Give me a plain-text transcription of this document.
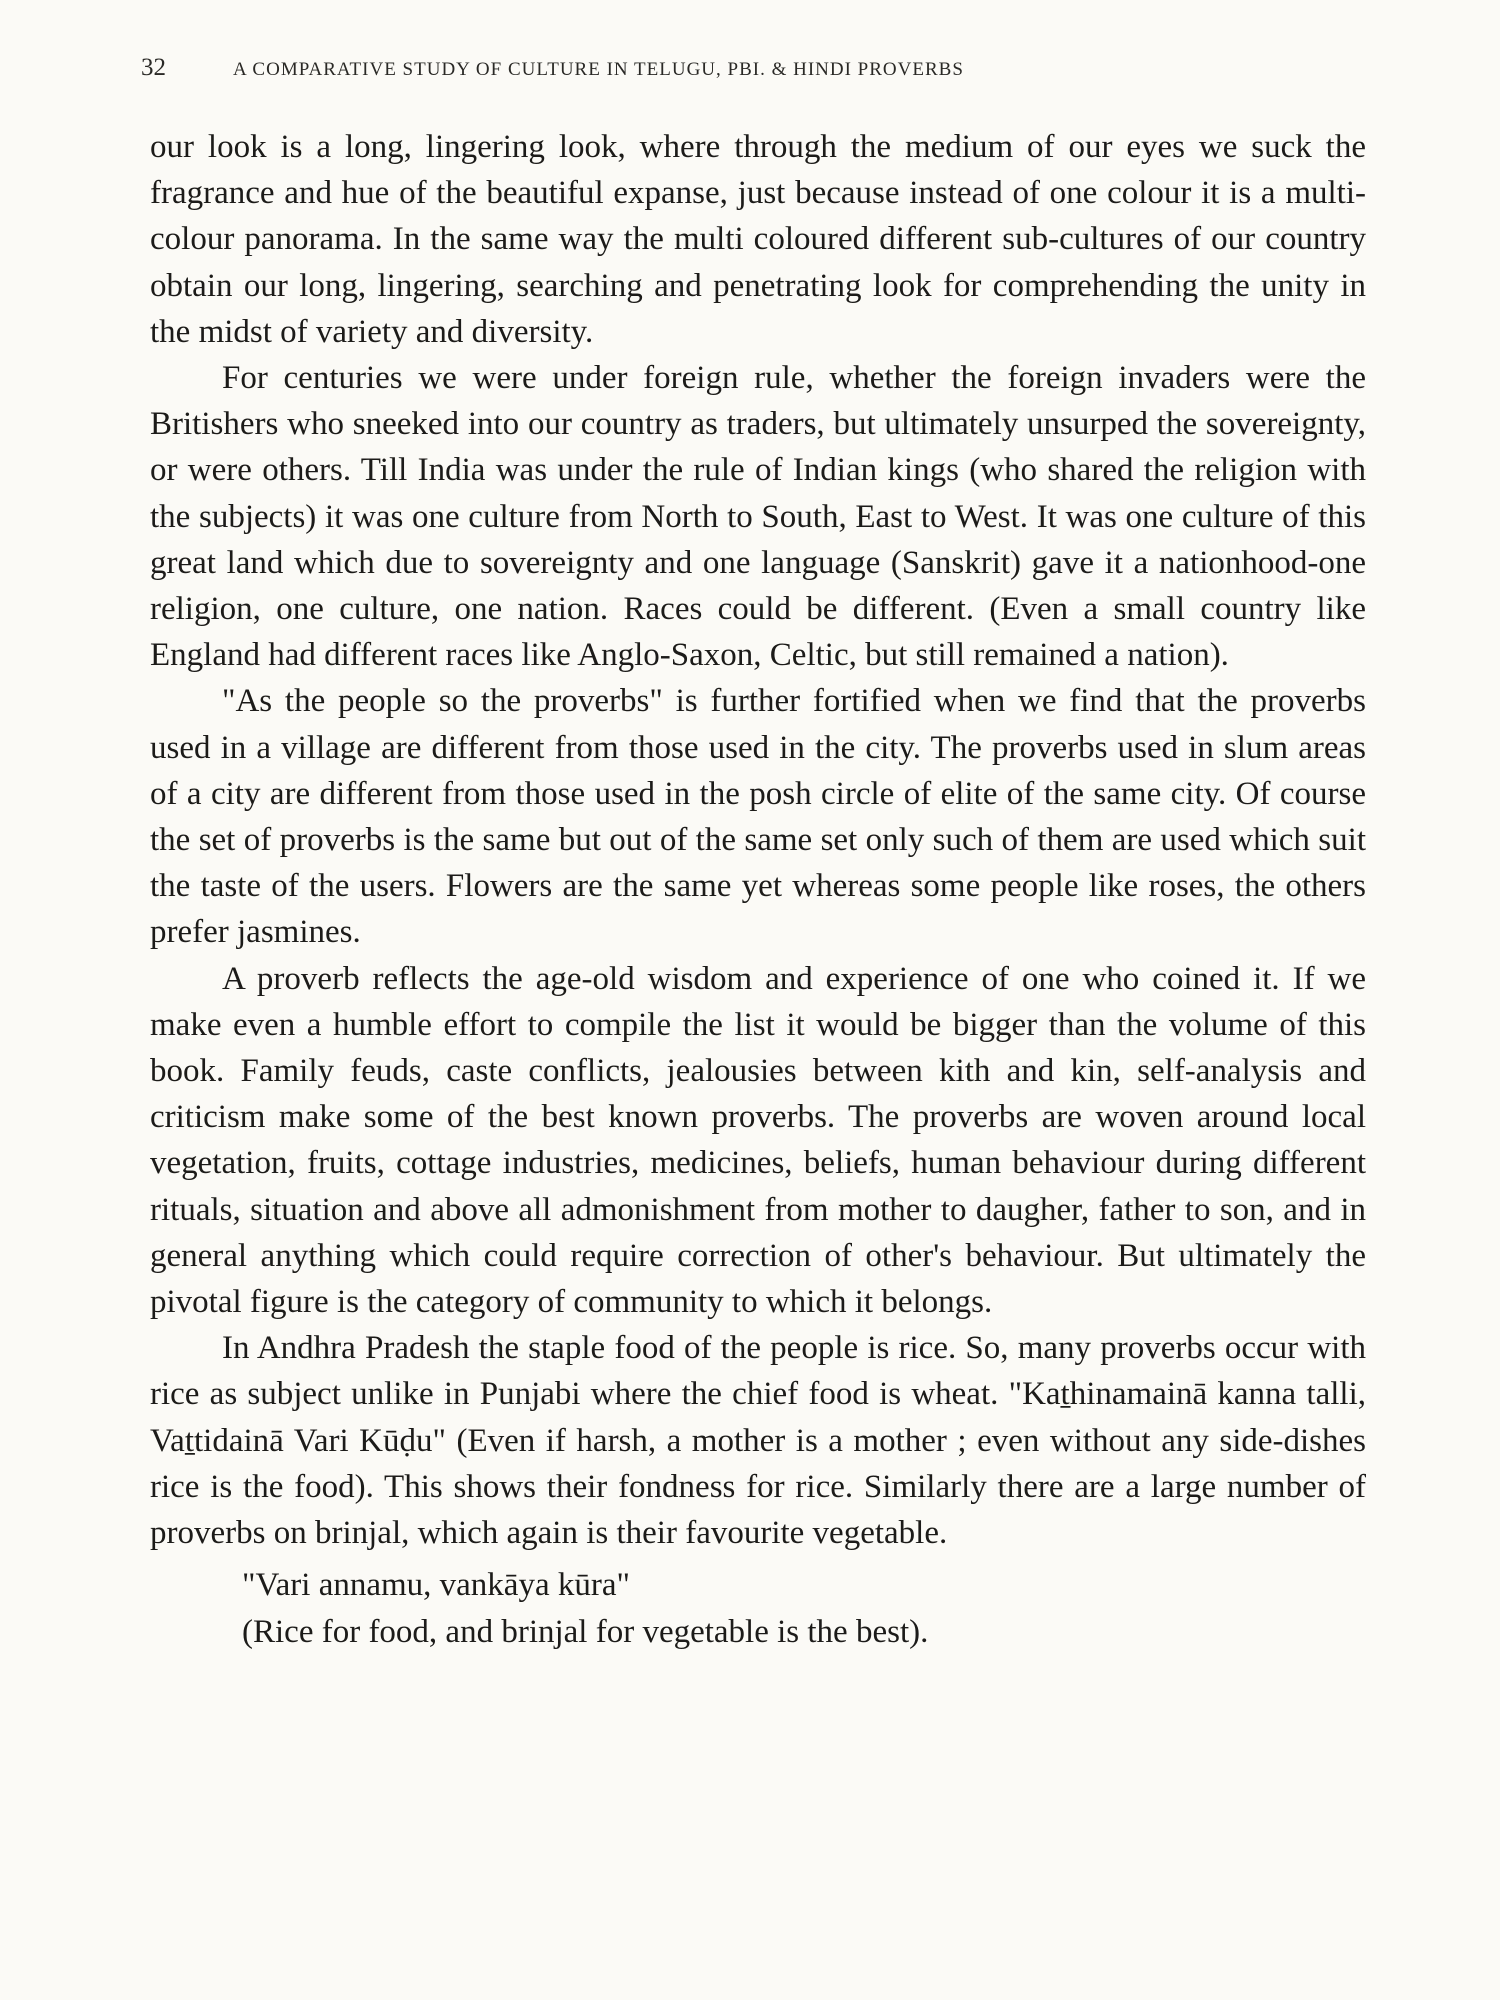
32	A COMPARATIVE STUDY OF CULTURE IN TELUGU, PBI. & HINDI PROVERBS

our look is a long, lingering look, where through the medium of our eyes we suck the fragrance and hue of the beautiful expanse, just because instead of one colour it is a multi-colour panorama. In the same way the multi coloured different sub-cultures of our country obtain our long, lingering, searching and penetrating look for comprehending the unity in the midst of variety and diversity.

For centuries we were under foreign rule, whether the foreign invaders were the Britishers who sneeked into our country as traders, but ultimately unsurped the sovereignty, or were others. Till India was under the rule of Indian kings (who shared the religion with the subjects) it was one culture from North to South, East to West. It was one culture of this great land which due to sovereignty and one language (Sanskrit) gave it a nationhood-one religion, one culture, one nation. Races could be different. (Even a small country like England had different races like Anglo-Saxon, Celtic, but still remained a nation).

"As the people so the proverbs" is further fortified when we find that the proverbs used in a village are different from those used in the city. The proverbs used in slum areas of a city are different from those used in the posh circle of elite of the same city. Of course the set of proverbs is the same but out of the same set only such of them are used which suit the taste of the users. Flowers are the same yet whereas some people like roses, the others prefer jasmines.

A proverb reflects the age-old wisdom and experience of one who coined it. If we make even a humble effort to compile the list it would be bigger than the volume of this book. Family feuds, caste conflicts, jealousies between kith and kin, self-analysis and criticism make some of the best known proverbs. The proverbs are woven around local vegetation, fruits, cottage industries, medicines, beliefs, human behaviour during different rituals, situation and above all admonishment from mother to daugher, father to son, and in general anything which could require correction of other's behaviour. But ultimately the pivotal figure is the category of community to which it belongs.

In Andhra Pradesh the staple food of the people is rice. So, many proverbs occur with rice as subject unlike in Punjabi where the chief food is wheat. "Kaṯhinamainā kanna talli, Vaṯtidainā Vari Kūḍu" (Even if harsh, a mother is a mother ; even without any side-dishes rice is the food). This shows their fondness for rice. Similarly there are a large number of proverbs on brinjal, which again is their favourite vegetable.

"Vari annamu, vankāya kūra"

(Rice for food, and brinjal for vegetable is the best).
